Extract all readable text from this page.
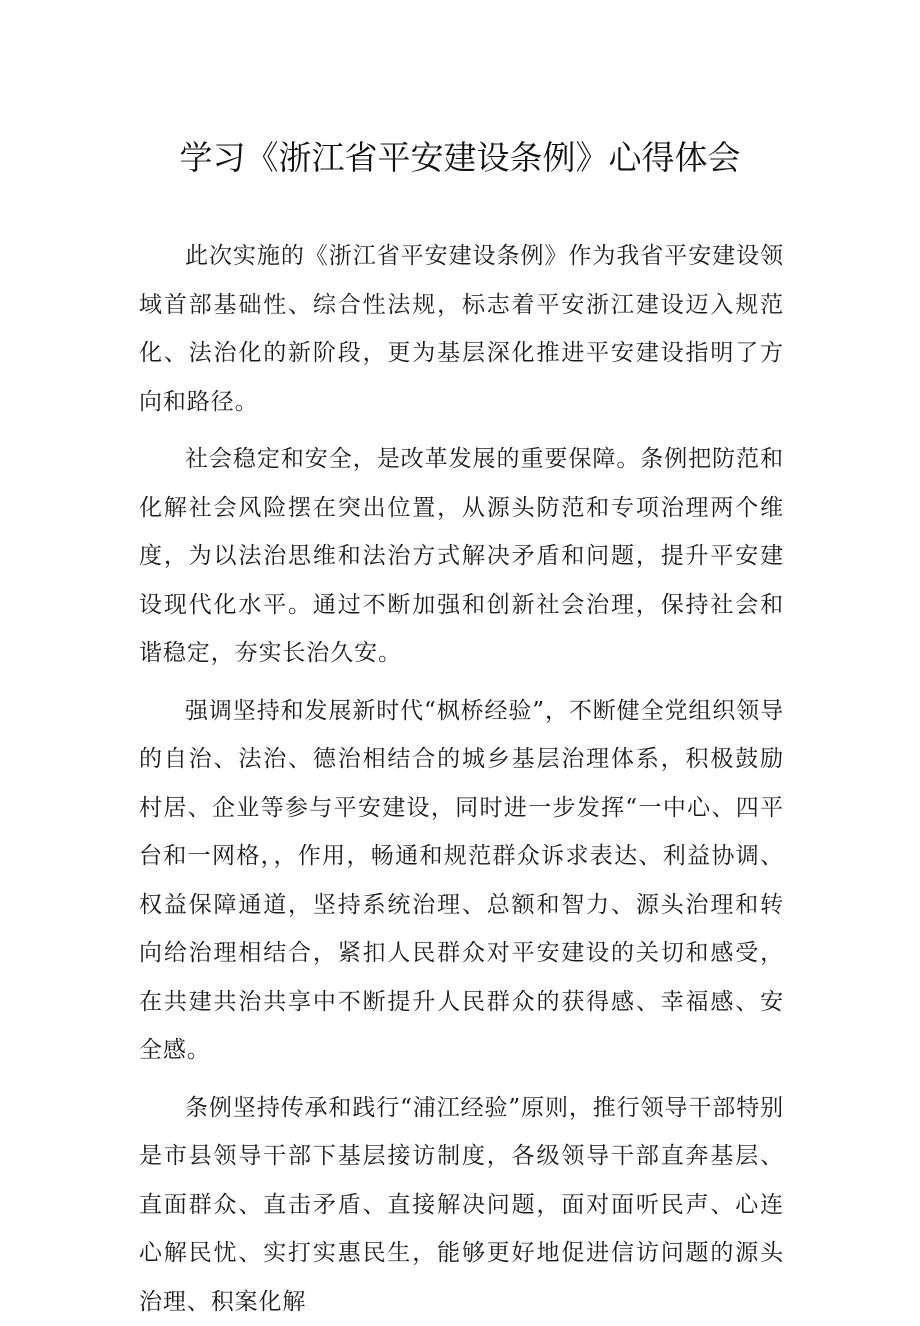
学习《浙江省平安建设条例》心得体会

此次实施的《浙江省平安建设条例》作为我省平安建设领域首部基础性、综合性法规，标志着平安浙江建设迈入规范化、法治化的新阶段，更为基层深化推进平安建设指明了方向和路径。

社会稳定和安全，是改革发展的重要保障。条例把防范和化解社会风险摆在突出位置，从源头防范和专项治理两个维度，为以法治思维和法治方式解决矛盾和问题，提升平安建设现代化水平。通过不断加强和创新社会治理，保持社会和谐稳定，夯实长治久安。

强调坚持和发展新时代“枫桥经验”，不断健全党组织领导的自治、法治、德治相结合的城乡基层治理体系，积极鼓励村居、企业等参与平安建设，同时进一步发挥“一中心、四平台和一网格，，作用，畅通和规范群众诉求表达、利益协调、权益保障通道，坚持系统治理、总额和智力、源头治理和转向给治理相结合，紧扣人民群众对平安建设的关切和感受，在共建共治共享中不断提升人民群众的获得感、幸福感、安全感。

条例坚持传承和践行“浦江经验”原则，推行领导干部特别是市县领导干部下基层接访制度，各级领导干部直奔基层、直面群众、直击矛盾、直接解决问题，面对面听民声、心连心解民忧、实打实惠民生，能够更好地促进信访问题的源头治理、积案化解
